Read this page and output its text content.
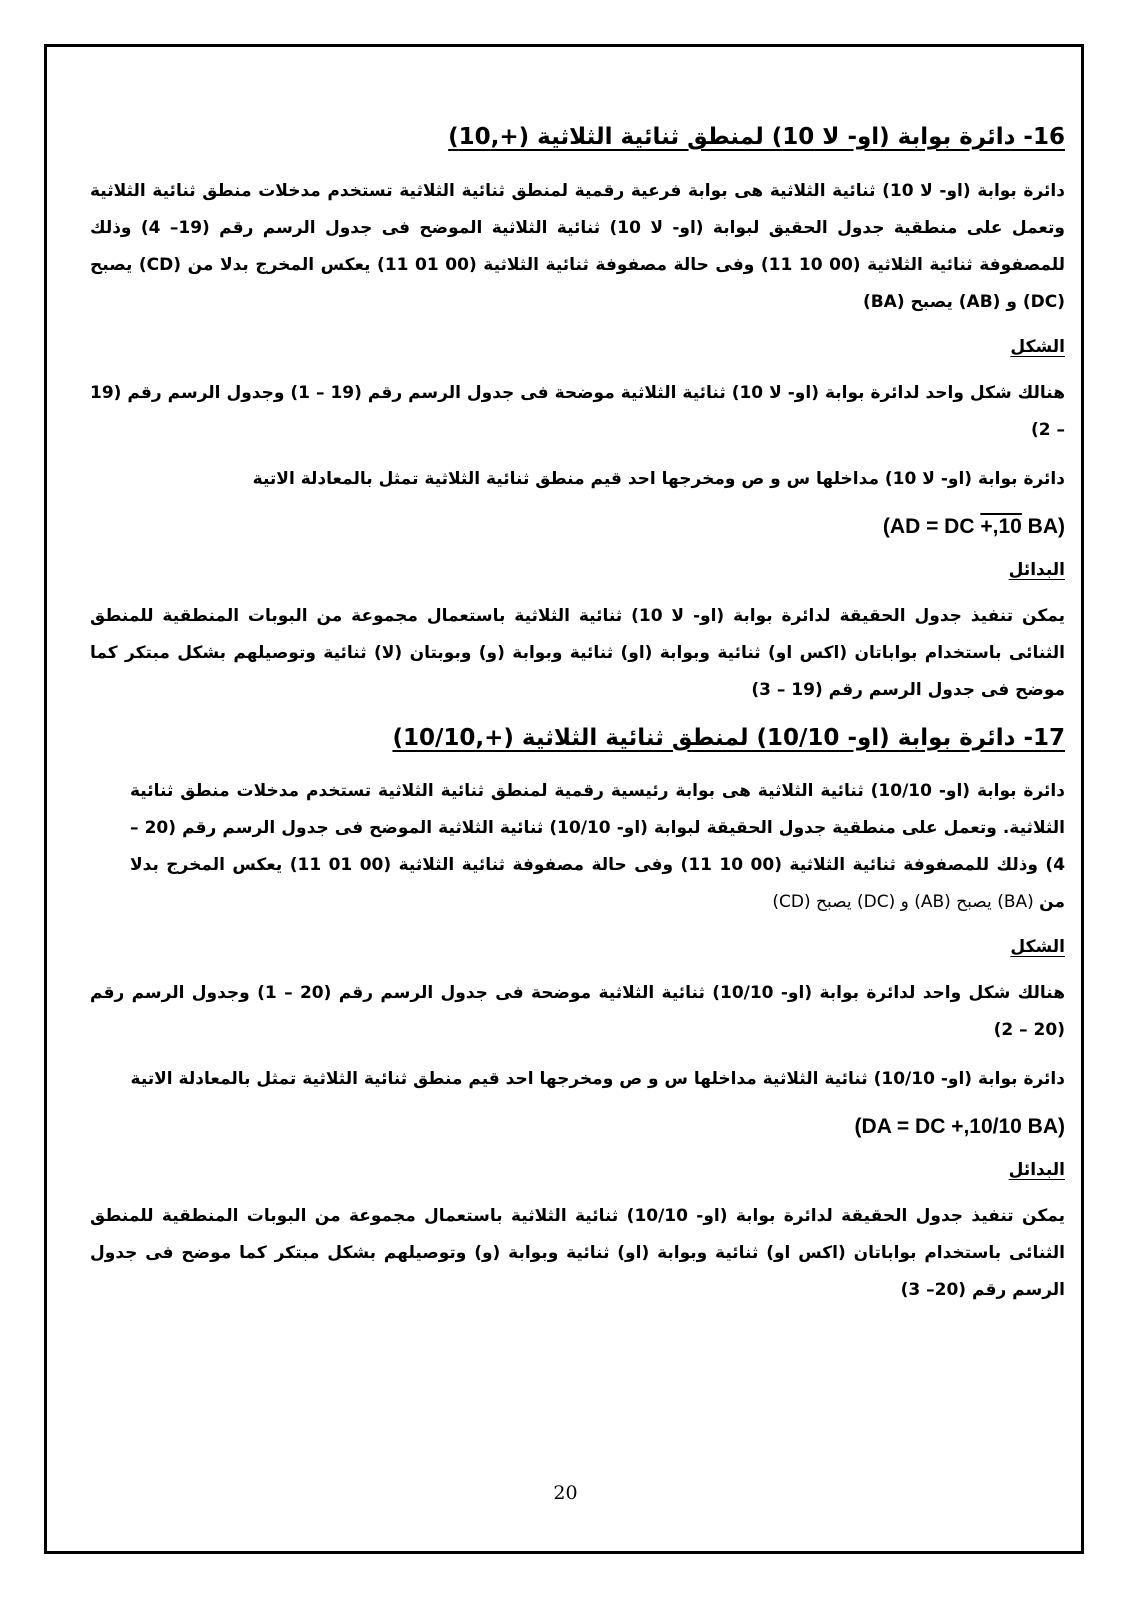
16- دائرة بوابة (او- لا 10) لمنطق ثنائية الثلاثية (+,10)
دائرة بوابة (او- لا 10) ثنائية الثلاثية هى بوابة فرعية رقمية لمنطق ثنائية الثلاثية تستخدم مدخلات منطق ثنائية الثلاثية وتعمل على منطقية جدول الحقيق لبوابة (او- لا 10) ثنائية الثلاثية الموضح فى جدول الرسم رقم (19– 4) وذلك للمصفوفة ثنائية الثلاثية (00 10 11) وفى حالة مصفوفة ثنائية الثلاثية (00 01 11) يعكس المخرج بدلا من (CD) يصبح (DC) و (AB) يصبح (BA)
الشكل
هنالك شكل واحد لدائرة بوابة (او- لا 10) ثنائية الثلاثية موضحة فى جدول الرسم رقم (19 – 1) وجدول الرسم رقم (19 – 2)
دائرة بوابة (او- لا 10) مداخلها س و ص ومخرجها احد قيم منطق ثنائية الثلاثية تمثل بالمعادلة الاتية
(AD = DC +,10 BA)
البدائل
يمكن تنفيذ جدول الحقيقة لدائرة بوابة (او- لا 10) ثنائية الثلاثية باستعمال مجموعة من البوبات المنطقية للمنطق الثنائى باستخدام بواباتان (اكس او) ثنائية وبوابة (او) ثنائية وبوابة (و) وبوبتان (لا) ثنائية وتوصيلهم بشكل مبتكر كما موضح فى جدول الرسم رقم (19 – 3)
17- دائرة بوابة (او- 10/10) لمنطق ثنائية الثلاثية (+,10/10)
دائرة بوابة (او- 10/10) ثنائية الثلاثية هى بوابة رئيسية رقمية لمنطق ثنائية الثلاثية تستخدم مدخلات منطق ثنائية الثلاثية. وتعمل على منطقية جدول الحقيقة لبوابة (او- 10/10) ثنائية الثلاثية الموضح فى جدول الرسم رقم (20 – 4) وذلك للمصفوفة ثنائية الثلاثية (00 10 11) وفى حالة مصفوفة ثنائية الثلاثية (00 01 11) يعكس المخرج بدلا من (BA) يصبح (AB) و (DC) يصبح (CD)
الشكل
هنالك شكل واحد لدائرة بوابة (او- 10/10) ثنائية الثلاثية موضحة فى جدول الرسم رقم (20 – 1) وجدول الرسم رقم (20 – 2)
دائرة بوابة (او- 10/10) ثنائية الثلاثية مداخلها س و ص ومخرجها احد قيم منطق ثنائية الثلاثية تمثل بالمعادلة الاتية
(DA = DC +,10/10 BA)
البدائل
يمكن تنفيذ جدول الحقيقة لدائرة بوابة (او- 10/10) ثنائية الثلاثية باستعمال مجموعة من البوبات المنطقية للمنطق الثنائى باستخدام بواباتان (اكس او) ثنائية وبوابة (او) ثنائية وبوابة (و) وتوصيلهم بشكل مبتكر كما موضح فى جدول الرسم رقم (20– 3)
20
